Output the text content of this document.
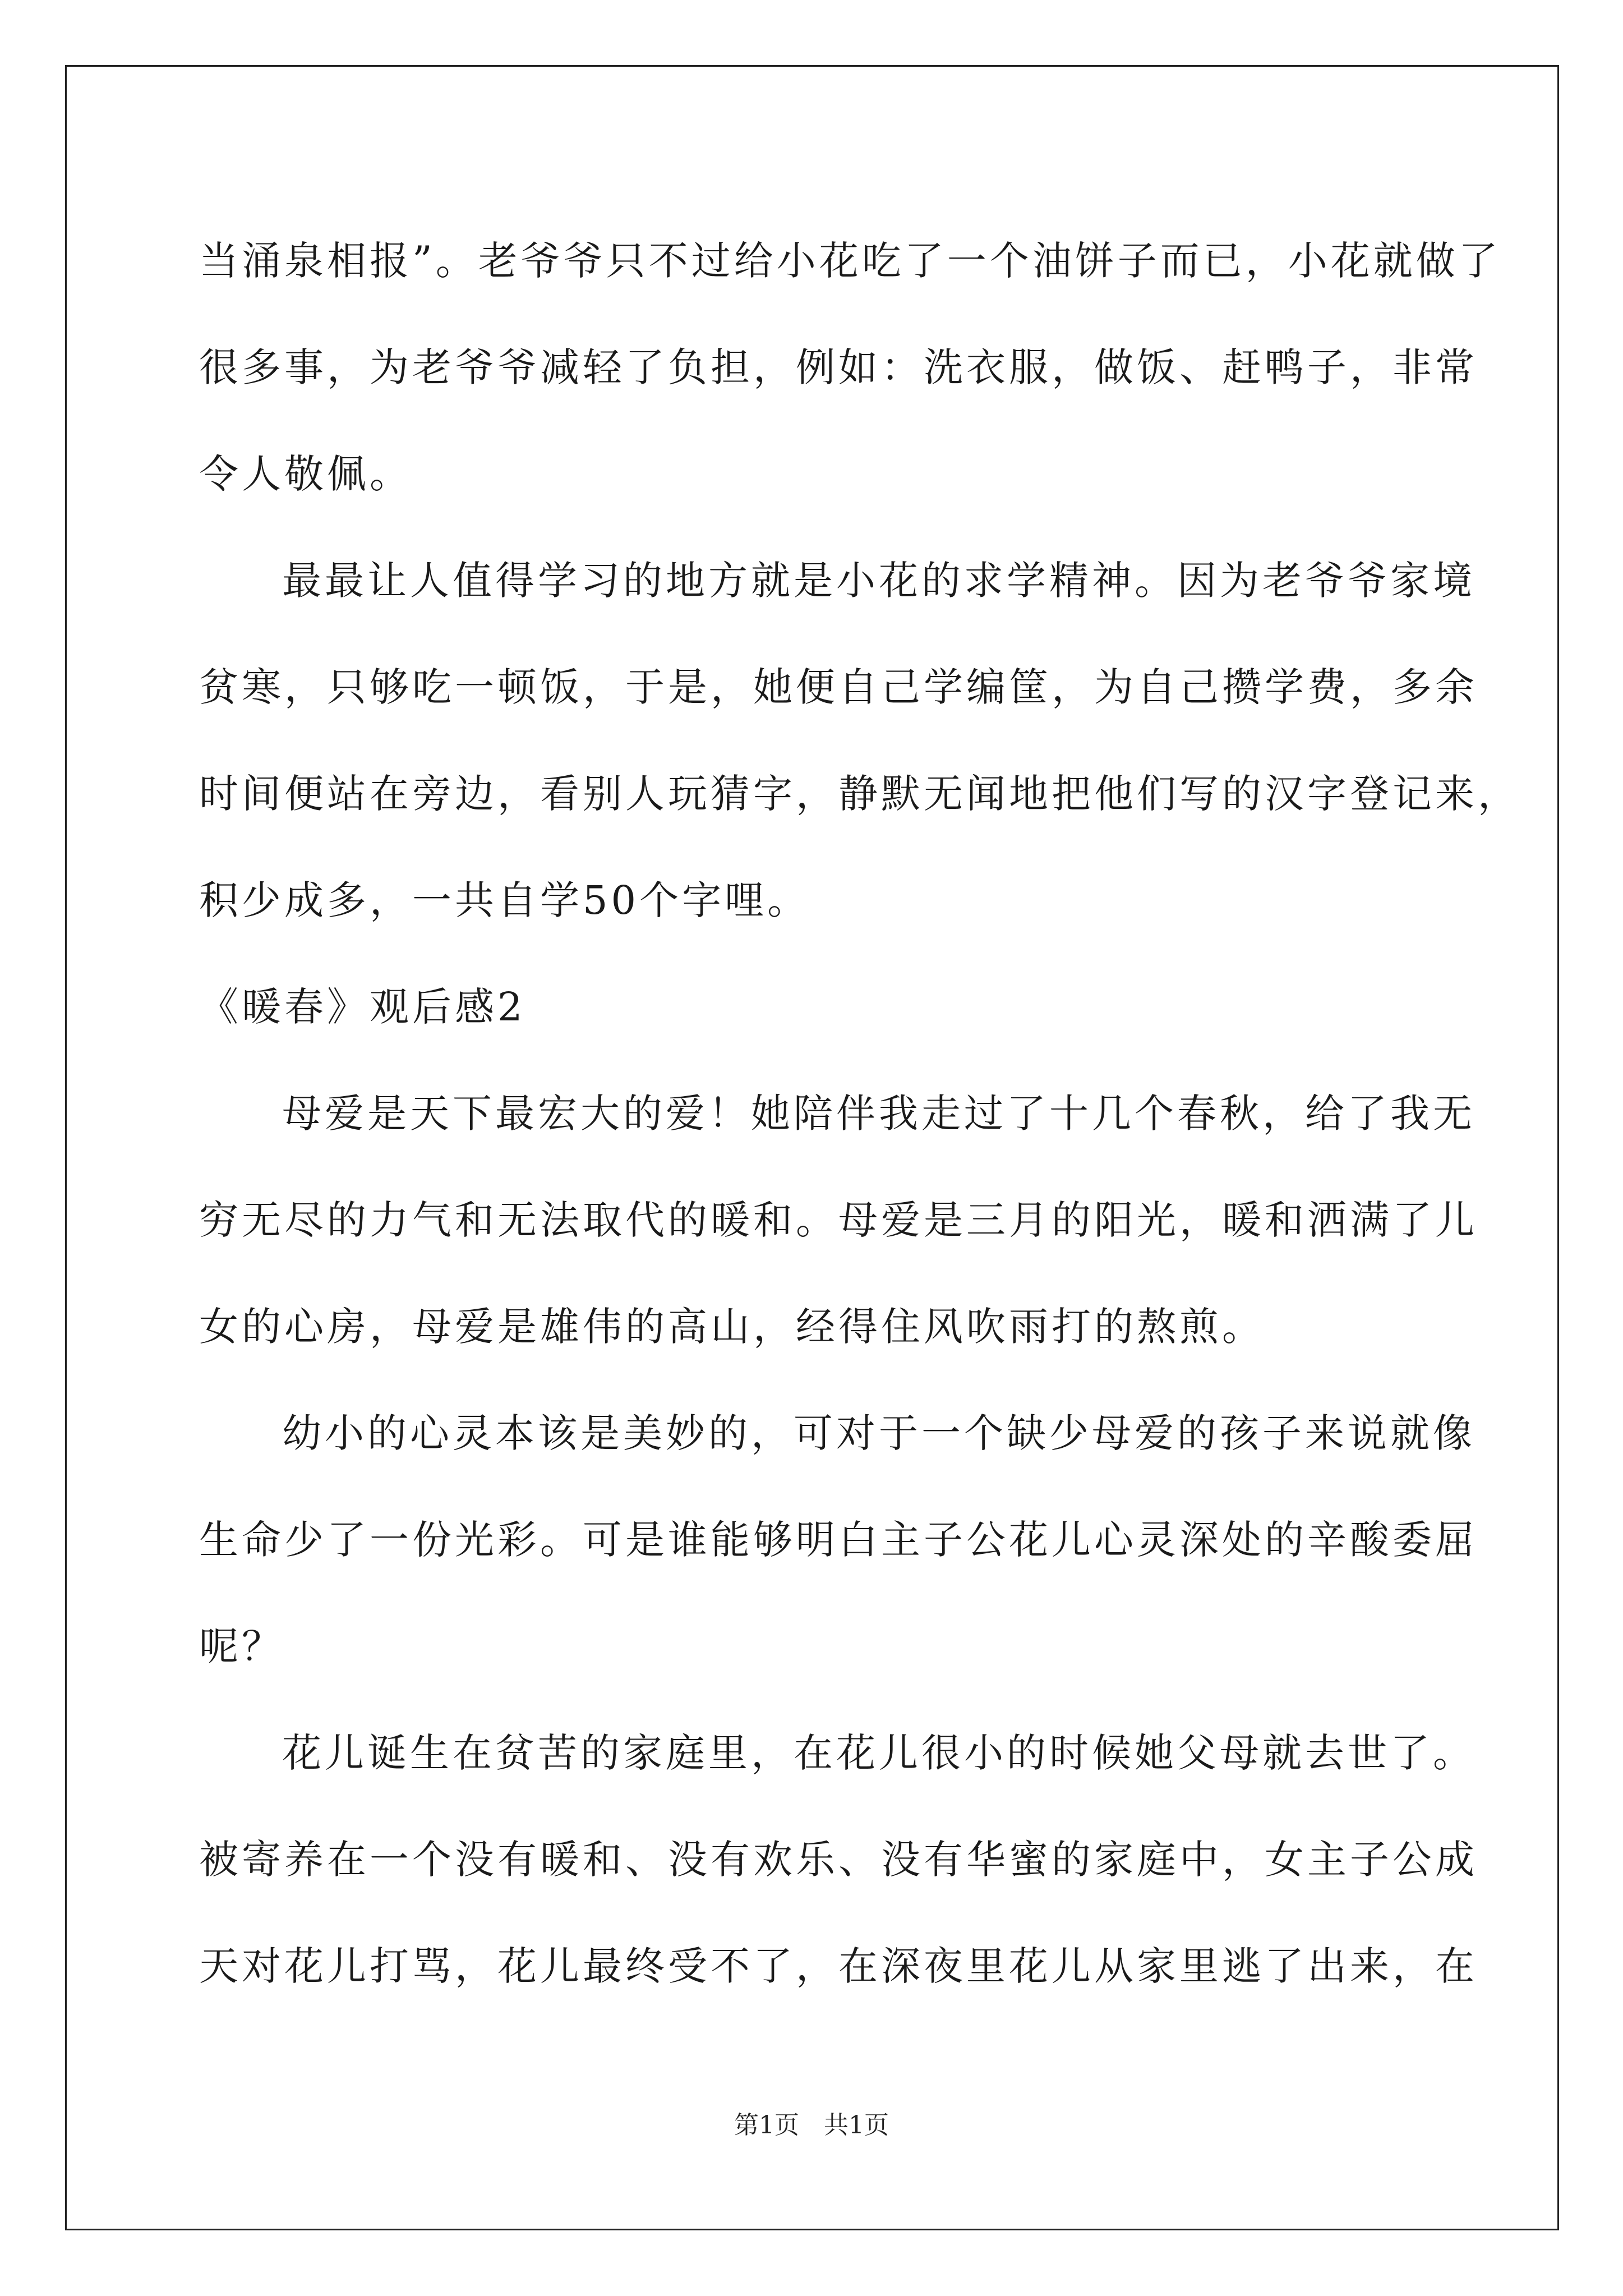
当涌泉相报”。老爷爷只不过给小花吃了一个油饼子而已，小花就做了
很多事，为老爷爷减轻了负担，例如：洗衣服，做饭、赶鸭子，非常
令人敬佩。
最最让人值得学习的地方就是小花的求学精神。因为老爷爷家境
贫寒，只够吃一顿饭，于是，她便自己学编筐，为自己攒学费，多余
时间便站在旁边，看别人玩猜字，静默无闻地把他们写的汉字登记来，
积少成多，一共自学50个字哩。
《暖春》观后感2
母爱是天下最宏大的爱！她陪伴我走过了十几个春秋，给了我无
穷无尽的力气和无法取代的暖和。母爱是三月的阳光，暖和洒满了儿
女的心房，母爱是雄伟的高山，经得住风吹雨打的熬煎。
幼小的心灵本该是美妙的，可对于一个缺少母爱的孩子来说就像
生命少了一份光彩。可是谁能够明白主子公花儿心灵深处的辛酸委屈
呢？
花儿诞生在贫苦的家庭里，在花儿很小的时候她父母就去世了。
被寄养在一个没有暖和、没有欢乐、没有华蜜的家庭中，女主子公成
天对花儿打骂，花儿最终受不了，在深夜里花儿从家里逃了出来，在
第1页 共1页
